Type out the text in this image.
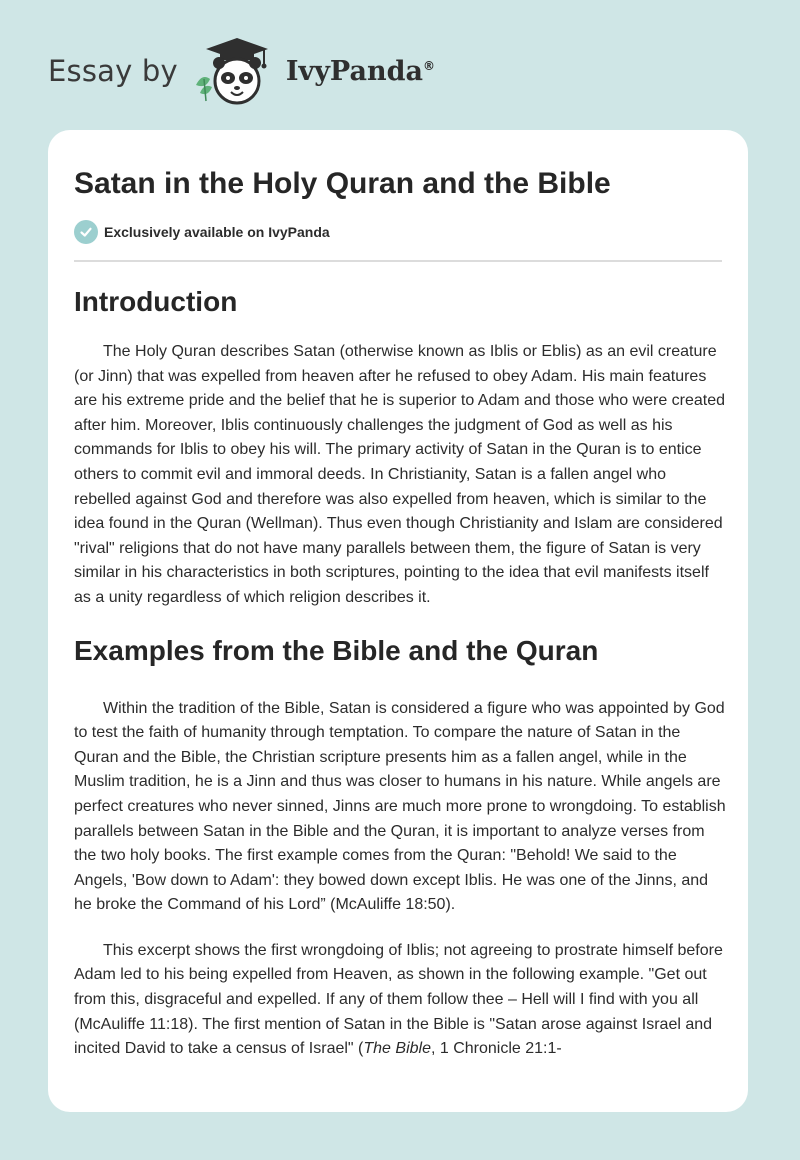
Essay by	IvyPanda®
Satan in the Holy Quran and the Bible
Exclusively available on IvyPanda
Introduction

The Holy Quran describes Satan (otherwise known as Iblis or Eblis) as an evil creature (or Jinn) that was expelled from heaven after he refused to obey Adam. His main features are his extreme pride and the belief that he is superior to Adam and those who were created after him. Moreover, Iblis continuously challenges the judgment of God as well as his commands for Iblis to obey his will. The primary activity of Satan in the Quran is to entice others to commit evil and immoral deeds. In Christianity, Satan is a fallen angel who rebelled against God and therefore was also expelled from heaven, which is similar to the idea found in the Quran (Wellman). Thus even though Christianity and Islam are considered "rival" religions that do not have many parallels between them, the figure of Satan is very similar in his characteristics in both scriptures, pointing to the idea that evil manifests itself as a unity regardless of which religion describes it.

Examples from the Bible and the Quran

Within the tradition of the Bible, Satan is considered a figure who was appointed by God to test the faith of humanity through temptation. To compare the nature of Satan in the Quran and the Bible, the Christian scripture presents him as a fallen angel, while in the Muslim tradition, he is a Jinn and thus was closer to humans in his nature. While angels are perfect creatures who never sinned, Jinns are much more prone to wrongdoing. To establish parallels between Satan in the Bible and the Quran, it is important to analyze verses from the two holy books. The first example comes from the Quran: "Behold! We said to the Angels, 'Bow down to Adam': they bowed down except Iblis. He was one of the Jinns, and he broke the Command of his Lord” (McAuliffe 18:50).

This excerpt shows the first wrongdoing of Iblis; not agreeing to prostrate himself before Adam led to his being expelled from Heaven, as shown in the following example. "Get out from this, disgraceful and expelled. If any of them follow thee – Hell will I find with you all (McAuliffe 11:18). The first mention of Satan in the Bible is "Satan arose against Israel and incited David to take a census of Israel" (The Bible, 1 Chronicle 21:1-
